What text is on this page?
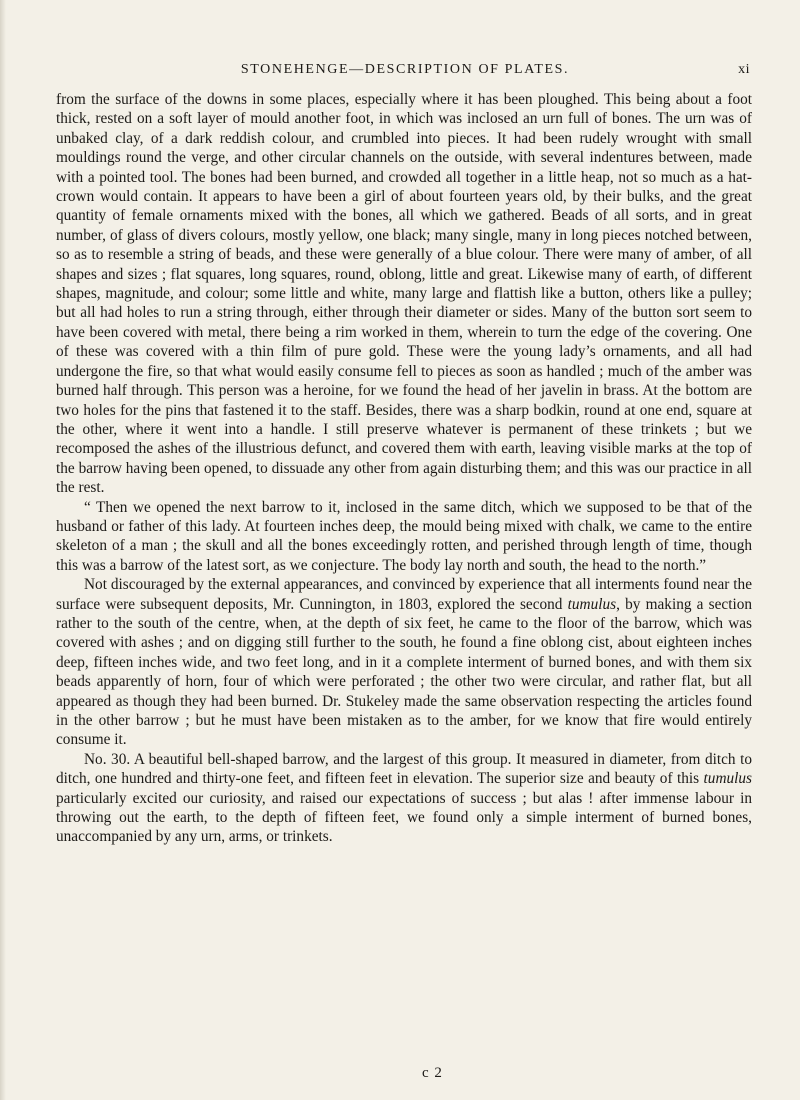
STONEHENGE—DESCRIPTION OF PLATES.	xi

from the surface of the downs in some places, especially where it has been ploughed. This being about a foot thick, rested on a soft layer of mould another foot, in which was inclosed an urn full of bones. The urn was of unbaked clay, of a dark reddish colour, and crumbled into pieces. It had been rudely wrought with small mouldings round the verge, and other circular channels on the outside, with several indentures between, made with a pointed tool. The bones had been burned, and crowded all together in a little heap, not so much as a hat-crown would contain. It appears to have been a girl of about fourteen years old, by their bulks, and the great quantity of female ornaments mixed with the bones, all which we gathered. Beads of all sorts, and in great number, of glass of divers colours, mostly yellow, one black; many single, many in long pieces notched between, so as to resemble a string of beads, and these were generally of a blue colour. There were many of amber, of all shapes and sizes ; flat squares, long squares, round, oblong, little and great. Likewise many of earth, of different shapes, magnitude, and colour; some little and white, many large and flattish like a button, others like a pulley; but all had holes to run a string through, either through their diameter or sides. Many of the button sort seem to have been covered with metal, there being a rim worked in them, wherein to turn the edge of the covering. One of these was covered with a thin film of pure gold. These were the young lady’s ornaments, and all had undergone the fire, so that what would easily consume fell to pieces as soon as handled ; much of the amber was burned half through. This person was a heroine, for we found the head of her javelin in brass. At the bottom are two holes for the pins that fastened it to the staff. Besides, there was a sharp bodkin, round at one end, square at the other, where it went into a handle. I still preserve whatever is permanent of these trinkets ; but we recomposed the ashes of the illustrious defunct, and covered them with earth, leaving visible marks at the top of the barrow having been opened, to dissuade any other from again disturbing them; and this was our practice in all the rest.

“ Then we opened the next barrow to it, inclosed in the same ditch, which we supposed to be that of the husband or father of this lady. At fourteen inches deep, the mould being mixed with chalk, we came to the entire skeleton of a man ; the skull and all the bones exceedingly rotten, and perished through length of time, though this was a barrow of the latest sort, as we conjecture. The body lay north and south, the head to the north.”

Not discouraged by the external appearances, and convinced by experience that all interments found near the surface were subsequent deposits, Mr. Cunnington, in 1803, explored the second tumulus, by making a section rather to the south of the centre, when, at the depth of six feet, he came to the floor of the barrow, which was covered with ashes ; and on digging still further to the south, he found a fine oblong cist, about eighteen inches deep, fifteen inches wide, and two feet long, and in it a complete interment of burned bones, and with them six beads apparently of horn, four of which were perforated ; the other two were circular, and rather flat, but all appeared as though they had been burned. Dr. Stukeley made the same observation respecting the articles found in the other barrow ; but he must have been mistaken as to the amber, for we know that fire would entirely consume it.

No. 30. A beautiful bell-shaped barrow, and the largest of this group. It measured in diameter, from ditch to ditch, one hundred and thirty-one feet, and fifteen feet in elevation. The superior size and beauty of this tumulus particularly excited our curiosity, and raised our expectations of success ; but alas ! after immense labour in throwing out the earth, to the depth of fifteen feet, we found only a simple interment of burned bones, unaccompanied by any urn, arms, or trinkets.

c 2
